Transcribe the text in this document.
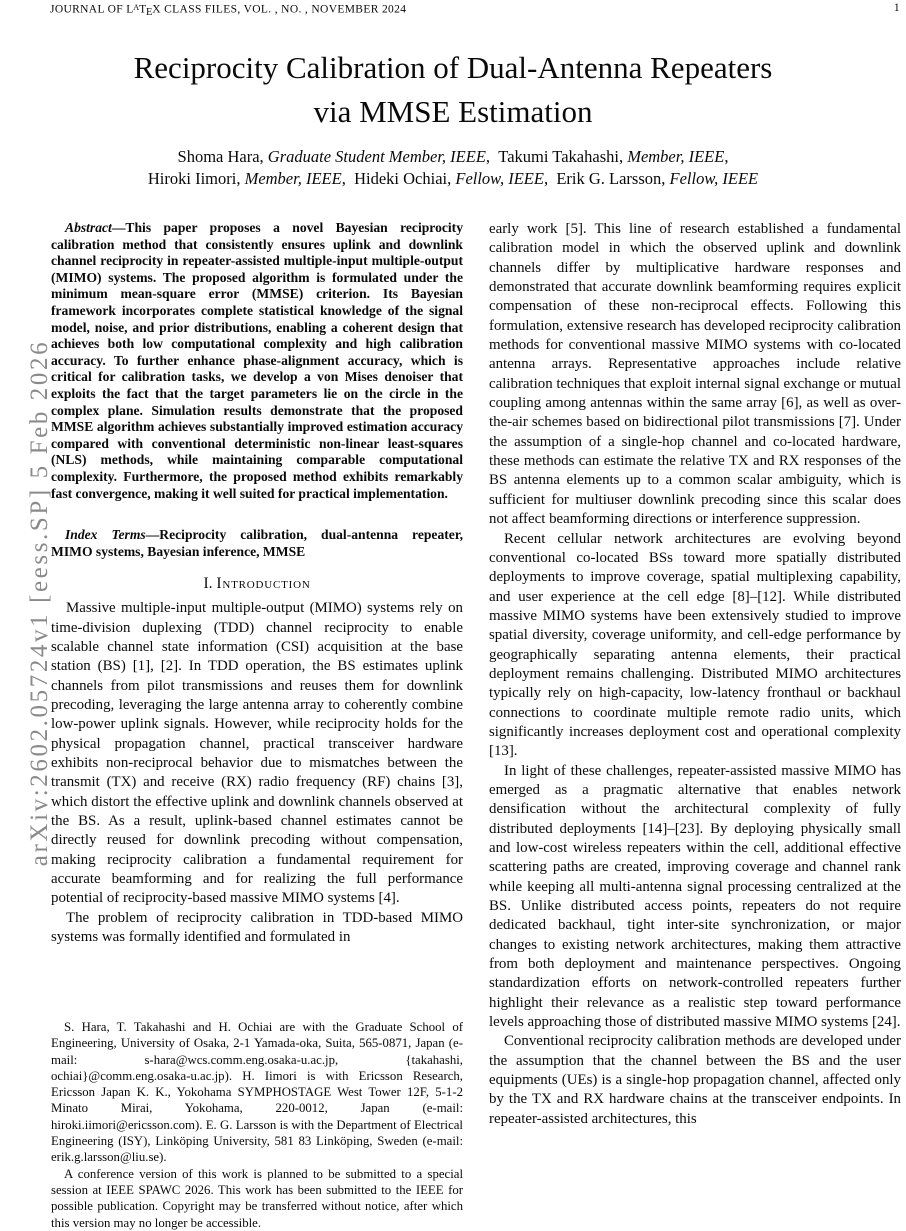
arXiv:2602.05724v1 [eess.SP] 5 Feb 2026
JOURNAL OF $L^ATEX$ CLASS FILES, VOL. , NO. , NOVEMBER 2024	1
Reciprocity Calibration of Dual-Antenna Repeaters
via MMSE Estimation
Shoma Hara, Graduate Student Member, IEEE, Takumi Takahashi, Member, IEEE,
Hiroki Iimori, Member, IEEE, Hideki Ochiai, Fellow, IEEE, Erik G. Larsson, Fellow, IEEE

Abstract—This paper proposes a novel Bayesian reciprocity calibration method that consistently ensures uplink and downlink channel reciprocity in repeater-assisted multiple-input multiple-output (MIMO) systems. The proposed algorithm is formulated under the minimum mean-square error (MMSE) criterion. Its Bayesian framework incorporates complete statistical knowledge of the signal model, noise, and prior distributions, enabling a coherent design that achieves both low computational complexity and high calibration accuracy. To further enhance phase-alignment accuracy, which is critical for calibration tasks, we develop a von Mises denoiser that exploits the fact that the target parameters lie on the circle in the complex plane. Simulation results demonstrate that the proposed MMSE algorithm achieves substantially improved estimation accuracy compared with conventional deterministic non-linear least-squares (NLS) methods, while maintaining comparable computational complexity. Furthermore, the proposed method exhibits remarkably fast convergence, making it well suited for practical implementation.

Index Terms—Reciprocity calibration, dual-antenna repeater, MIMO systems, Bayesian inference, MMSE

I. Introduction

Massive multiple-input multiple-output (MIMO) systems rely on time-division duplexing (TDD) channel reciprocity to enable scalable channel state information (CSI) acquisition at the base station (BS) [1], [2]. In TDD operation, the BS estimates uplink channels from pilot transmissions and reuses them for downlink precoding, leveraging the large antenna array to coherently combine low-power uplink signals. However, while reciprocity holds for the physical propagation channel, practical transceiver hardware exhibits non-reciprocal behavior due to mismatches between the transmit (TX) and receive (RX) radio frequency (RF) chains [3], which distort the effective uplink and downlink channels observed at the BS. As a result, uplink-based channel estimates cannot be directly reused for downlink precoding without compensation, making reciprocity calibration a fundamental requirement for accurate beamforming and for realizing the full performance potential of reciprocity-based massive MIMO systems [4].

The problem of reciprocity calibration in TDD-based MIMO systems was formally identified and formulated in

early work [5]. This line of research established a fundamental calibration model in which the observed uplink and downlink channels differ by multiplicative hardware responses and demonstrated that accurate downlink beamforming requires explicit compensation of these non-reciprocal effects. Following this formulation, extensive research has developed reciprocity calibration methods for conventional massive MIMO systems with co-located antenna arrays. Representative approaches include relative calibration techniques that exploit internal signal exchange or mutual coupling among antennas within the same array [6], as well as over-the-air schemes based on bidirectional pilot transmissions [7]. Under the assumption of a single-hop channel and co-located hardware, these methods can estimate the relative TX and RX responses of the BS antenna elements up to a common scalar ambiguity, which is sufficient for multiuser downlink precoding since this scalar does not affect beamforming directions or interference suppression.

Recent cellular network architectures are evolving beyond conventional co-located BSs toward more spatially distributed deployments to improve coverage, spatial multiplexing capability, and user experience at the cell edge [8]–[12]. While distributed massive MIMO systems have been extensively studied to improve spatial diversity, coverage uniformity, and cell-edge performance by geographically separating antenna elements, their practical deployment remains challenging. Distributed MIMO architectures typically rely on high-capacity, low-latency fronthaul or backhaul connections to coordinate multiple remote radio units, which significantly increases deployment cost and operational complexity [13].

In light of these challenges, repeater-assisted massive MIMO has emerged as a pragmatic alternative that enables network densification without the architectural complexity of fully distributed deployments [14]–[23]. By deploying physically small and low-cost wireless repeaters within the cell, additional effective scattering paths are created, improving coverage and channel rank while keeping all multi-antenna signal processing centralized at the BS. Unlike distributed access points, repeaters do not require dedicated backhaul, tight inter-site synchronization, or major changes to existing network architectures, making them attractive from both deployment and maintenance perspectives. Ongoing standardization efforts on network-controlled repeaters further highlight their relevance as a realistic step toward performance levels approaching those of distributed massive MIMO systems [24].

Conventional reciprocity calibration methods are developed under the assumption that the channel between the BS and the user equipments (UEs) is a single-hop propagation channel, affected only by the TX and RX hardware chains at the transceiver endpoints. In repeater-assisted architectures, this

S. Hara, T. Takahashi and H. Ochiai are with the Graduate School of Engineering, University of Osaka, 2-1 Yamada-oka, Suita, 565-0871, Japan (e-mail: s-hara@wcs.comm.eng.osaka-u.ac.jp, {takahashi, ochiai}@comm.eng.osaka-u.ac.jp). H. Iimori is with Ericsson Research, Ericsson Japan K. K., Yokohama SYMPHOSTAGE West Tower 12F, 5-1-2 Minato Mirai, Yokohama, 220-0012, Japan (e-mail: hiroki.iimori@ericsson.com). E. G. Larsson is with the Department of Electrical Engineering (ISY), Linköping University, 581 83 Linköping, Sweden (e-mail: erik.g.larsson@liu.se).

A conference version of this work is planned to be submitted to a special session at IEEE SPAWC 2026. This work has been submitted to the IEEE for possible publication. Copyright may be transferred without notice, after which this version may no longer be accessible.
